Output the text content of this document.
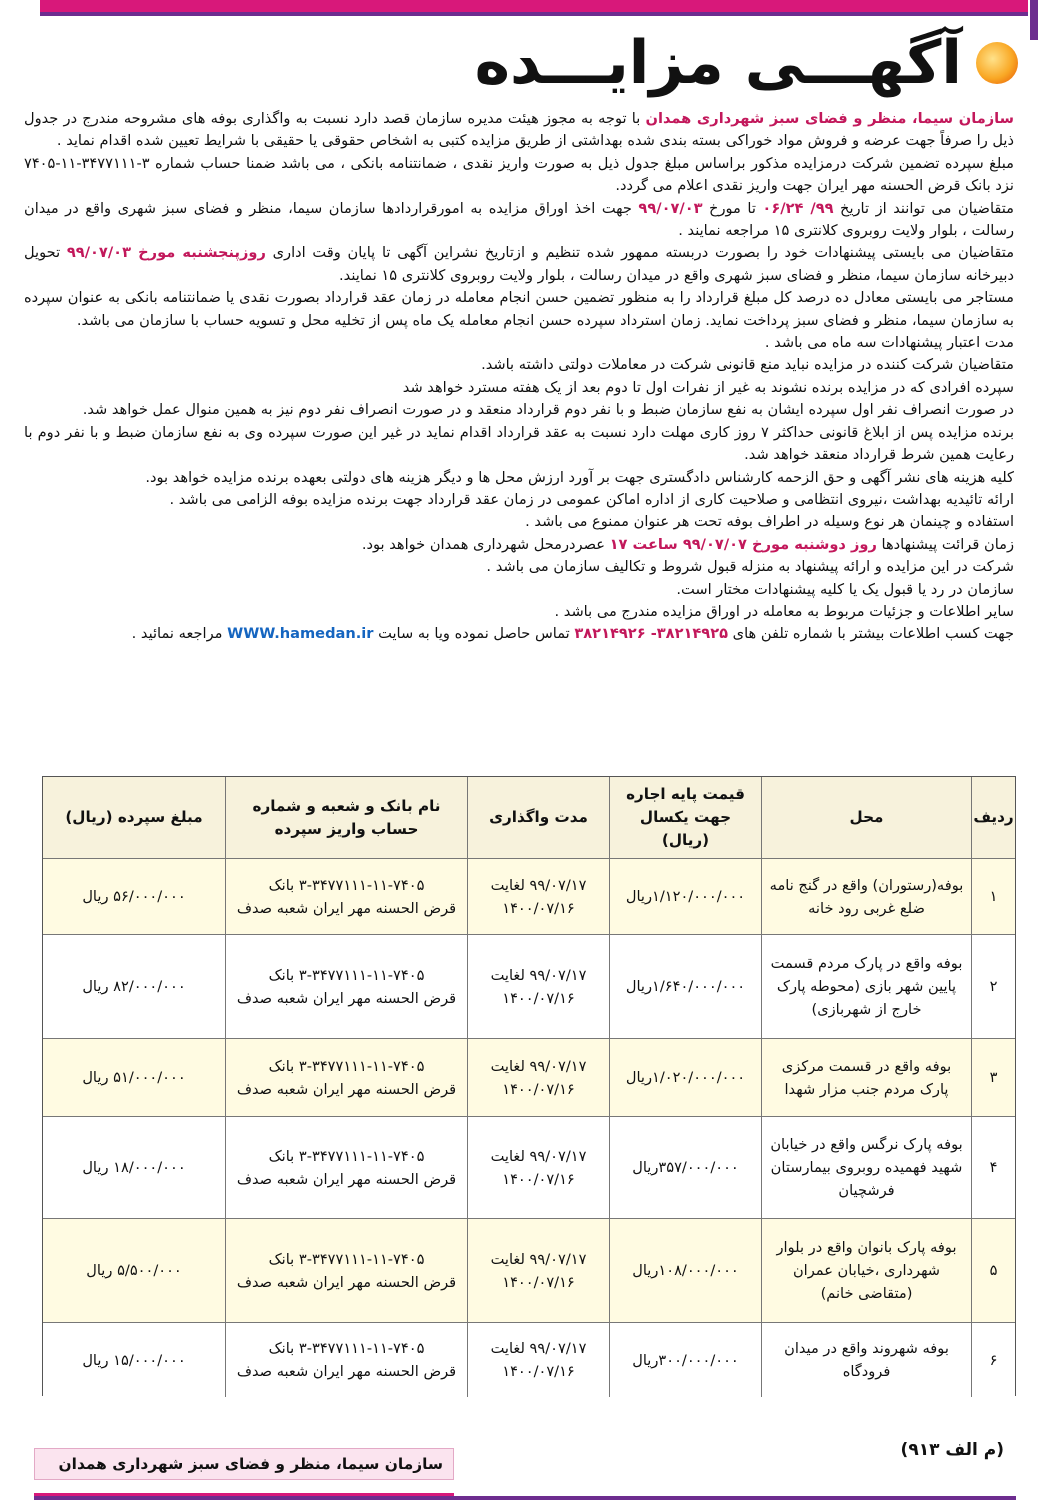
آگهـــی مزایـــده

سازمان سیما، منظر و فضای سبز شهرداری همدان با توجه به مجوز هیئت مدیره سازمان قصد دارد نسبت به واگذاری بوفه های مشروحه مندرج در جدول ذیل را صرفاً جهت عرضه و فروش مواد خوراکی بسته بندی شده بهداشتی از طریق مزایده کتبی به اشخاص حقوقی یا حقیقی با شرایط تعیین شده اقدام نماید .

مبلغ سپرده تضمین شرکت درمزایده مذکور براساس مبلغ جدول ذیل به صورت واریز نقدی ، ضمانتنامه بانکی ، می باشد ضمنا حساب شماره ۳-۳۴۷۷۱۱۱-۱۱-۷۴۰۵ نزد بانک قرض الحسنه مهر ایران جهت واریز نقدی اعلام می گردد.

متقاضیان می توانند از تاریخ ۹۹/ ۰۶/۲۴ تا مورخ ۹۹/۰۷/۰۳ جهت اخذ اوراق مزایده به امورقراردادها سازمان سیما، منظر و فضای سبز شهری واقع در میدان رسالت ، بلوار ولایت روبروی کلانتری ۱۵ مراجعه نمایند .

متقاضیان می بایستی پیشنهادات خود را بصورت دربسته ممهور شده تنظیم و ازتاریخ نشراین آگهی تا پایان وقت اداری روزپنجشنبه مورخ ۹۹/۰۷/۰۳ تحویل دبیرخانه سازمان سیما، منظر و فضای سبز شهری واقع در میدان رسالت ، بلوار ولایت روبروی کلانتری ۱۵ نمایند.

مستاجر می بایستی معادل ده درصد کل مبلغ قرارداد را به منظور تضمین حسن انجام معامله در زمان عقد قرارداد بصورت نقدی یا ضمانتنامه بانکی به عنوان سپرده به سازمان سیما، منظر و فضای سبز پرداخت نماید. زمان استرداد سپرده حسن انجام معامله یک ماه پس از تخلیه محل و تسویه حساب با سازمان می باشد.

مدت اعتبار پیشنهادات سه ماه می باشد .

متقاضیان شرکت کننده در مزایده نباید منع قانونی شرکت در معاملات دولتی داشته باشد.

سپرده افرادی که در مزایده برنده نشوند به غیر از نفرات اول تا دوم بعد از یک هفته مسترد خواهد شد

در صورت انصراف نفر اول سپرده ایشان به نفع سازمان ضبط و با نفر دوم قرارداد منعقد و در صورت انصراف نفر دوم نیز به همین منوال عمل خواهد شد.

برنده مزایده پس از ابلاغ قانونی حداکثر ۷ روز کاری مهلت دارد نسبت به عقد قرارداد اقدام نماید در غیر این صورت سپرده وی به نفع سازمان ضبط و با نفر دوم با رعایت همین شرط قرارداد منعقد خواهد شد.

کلیه هزینه های نشر آگهی و حق الزحمه کارشناس دادگستری جهت بر آورد ارزش محل ها و دیگر هزینه های دولتی بعهده برنده مزایده خواهد بود.

ارائه تائیدیه بهداشت ،نیروی انتظامی و صلاحیت کاری از اداره اماکن عمومی در زمان عقد قرارداد جهت برنده مزایده بوفه الزامی می باشد .

استفاده و چینمان هر نوع وسیله در اطراف بوفه تحت هر عنوان ممنوع می باشد .

زمان قرائت پیشنهادها روز دوشنبه مورخ ۹۹/۰۷/۰۷ ساعت ۱۷ عصردرمحل شهرداری همدان خواهد بود.

شرکت در این مزایده و ارائه پیشنهاد به منزله قبول شروط و تکالیف سازمان می باشد .

سازمان در رد یا قبول یک یا کلیه پیشنهادات مختار است.

سایر اطلاعات و جزئیات مربوط به معامله در اوراق مزایده مندرج می باشد .

جهت کسب اطلاعات بیشتر با شماره تلفن های ۳۸۲۱۴۹۲۵- ۳۸۲۱۴۹۲۶ تماس حاصل نموده ویا به سایت WWW.hamedan.ir مراجعه نمائید .

ردیف
محل
قیمت پایه اجاره جهت یکسال (ریال)
مدت واگذاری
نام بانک و شعبه و شماره حساب واریز سپرده
مبلغ سپرده (ریال)
۱
بوفه(رستوران) واقع در گنج نامه ضلع غربی رود خانه
۱/۱۲۰/۰۰۰/۰۰۰ریال
۹۹/۰۷/۱۷ لغایت
۱۴۰۰/۰۷/۱۶
۳-۳۴۷۷۱۱۱-۱۱-۷۴۰۵ بانک
قرض الحسنه مهر ایران شعبه صدف
۵۶/۰۰۰/۰۰۰ ریال
۲
بوفه واقع در پارک مردم قسمت پایین شهر بازی (محوطه پارک خارج از شهربازی)
۱/۶۴۰/۰۰۰/۰۰۰ریال
۹۹/۰۷/۱۷ لغایت
۱۴۰۰/۰۷/۱۶
۳-۳۴۷۷۱۱۱-۱۱-۷۴۰۵ بانک
قرض الحسنه مهر ایران شعبه صدف
۸۲/۰۰۰/۰۰۰ ریال
۳
بوفه واقع در قسمت مرکزی پارک مردم جنب مزار شهدا
۱/۰۲۰/۰۰۰/۰۰۰ریال
۹۹/۰۷/۱۷ لغایت
۱۴۰۰/۰۷/۱۶
۳-۳۴۷۷۱۱۱-۱۱-۷۴۰۵ بانک
قرض الحسنه مهر ایران شعبه صدف
۵۱/۰۰۰/۰۰۰ ریال
۴
بوفه پارک نرگس واقع در خیابان شهید فهمیده روبروی بیمارستان فرشچیان
۳۵۷/۰۰۰/۰۰۰ریال
۹۹/۰۷/۱۷ لغایت
۱۴۰۰/۰۷/۱۶
۳-۳۴۷۷۱۱۱-۱۱-۷۴۰۵ بانک
قرض الحسنه مهر ایران شعبه صدف
۱۸/۰۰۰/۰۰۰ ریال
۵
بوفه پارک بانوان واقع در بلوار شهرداری ،خیابان عمران (متقاضی خانم)
۱۰۸/۰۰۰/۰۰۰ریال
۹۹/۰۷/۱۷ لغایت
۱۴۰۰/۰۷/۱۶
۳-۳۴۷۷۱۱۱-۱۱-۷۴۰۵ بانک
قرض الحسنه مهر ایران شعبه صدف
۵/۵۰۰/۰۰۰ ریال
۶
بوفه شهروند واقع در میدان فرودگاه
۳۰۰/۰۰۰/۰۰۰ریال
۹۹/۰۷/۱۷ لغایت
۱۴۰۰/۰۷/۱۶
۳-۳۴۷۷۱۱۱-۱۱-۷۴۰۵ بانک
قرض الحسنه مهر ایران شعبه صدف
۱۵/۰۰۰/۰۰۰ ریال
(م الف ۹۱۳)
سازمان سیما، منظر و فضای سبز شهرداری همدان
